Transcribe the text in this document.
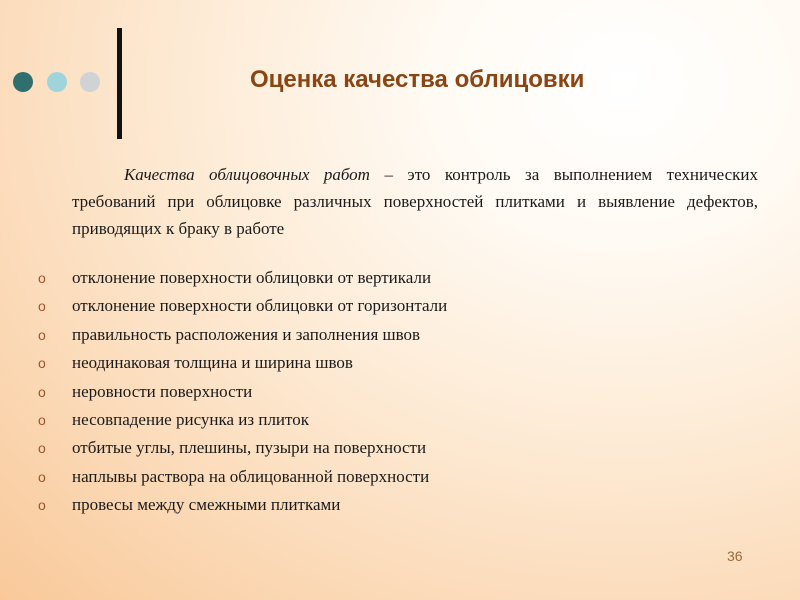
Оценка качества облицовки
Качества облицовочных работ – это контроль за выполнением технических требований при облицовке различных поверхностей плитками и выявление дефектов, приводящих к браку в работе
o	отклонение поверхности облицовки от вертикали
o	отклонение поверхности облицовки от горизонтали
o	правильность расположения и заполнения швов
o	неодинаковая толщина и ширина швов
o	неровности поверхности
o	несовпадение рисунка из плиток
o	отбитые углы, плешины, пузыри на поверхности
o	наплывы раствора на облицованной поверхности
o	провесы между смежными плитками
36
